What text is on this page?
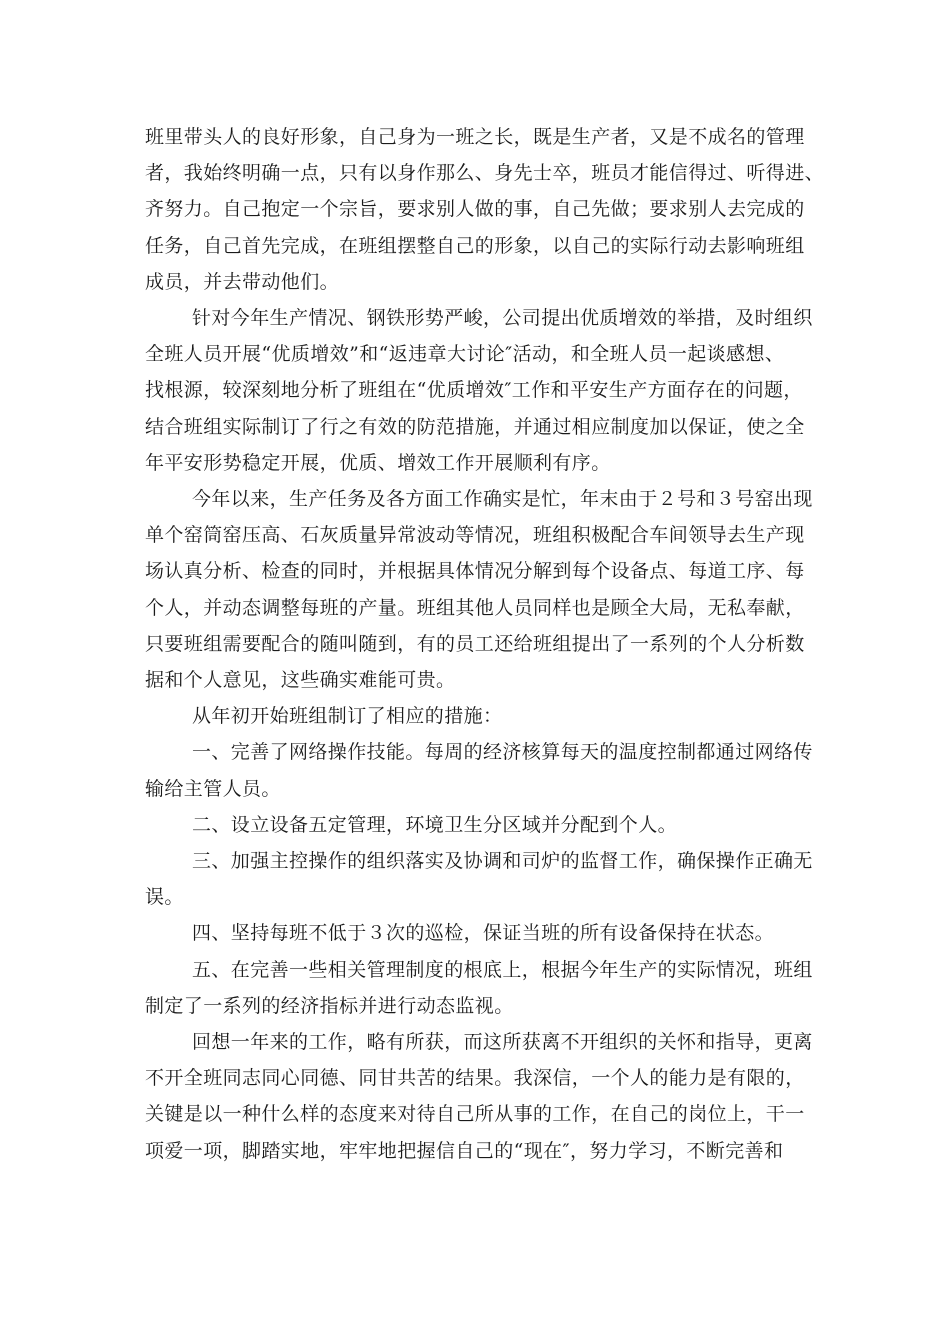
班里带头人的良好形象，自己身为一班之长，既是生产者，又是不成名的管理
者，我始终明确一点，只有以身作那么、身先士卒，班员才能信得过、听得进、
齐努力。自己抱定一个宗旨，要求别人做的事，自己先做；要求别人去完成的
任务，自己首先完成，在班组摆整自己的形象，以自己的实际行动去影响班组
成员，并去带动他们。

针对今年生产情况、钢铁形势严峻，公司提出优质增效的举措，及时组织
全班人员开展“优质增效”和“返违章大讨论″活动，和全班人员一起谈感想、
找根源，较深刻地分析了班组在“优质增效″工作和平安生产方面存在的问题，
结合班组实际制订了行之有效的防范措施，并通过相应制度加以保证，使之全
年平安形势稳定开展，优质、增效工作开展顺利有序。

今年以来，生产任务及各方面工作确实是忙，年末由于２号和３号窑出现
单个窑筒窑压高、石灰质量异常波动等情况，班组积极配合车间领导去生产现
场认真分析、检查的同时，并根据具体情况分解到每个设备点、每道工序、每
个人，并动态调整每班的产量。班组其他人员同样也是顾全大局，无私奉献，
只要班组需要配合的随叫随到，有的员工还给班组提出了一系列的个人分析数
据和个人意见，这些确实难能可贵。

从年初开始班组制订了相应的措施：

一、完善了网络操作技能。每周的经济核算每天的温度控制都通过网络传
输给主管人员。

二、设立设备五定管理，环境卫生分区域并分配到个人。

三、加强主控操作的组织落实及协调和司炉的监督工作，确保操作正确无
误。

四、坚持每班不低于３次的巡检，保证当班的所有设备保持在状态。

五、在完善一些相关管理制度的根底上，根据今年生产的实际情况，班组
制定了一系列的经济指标并进行动态监视。

回想一年来的工作，略有所获，而这所获离不开组织的关怀和指导，更离
不开全班同志同心同德、同甘共苦的结果。我深信，一个人的能力是有限的，
关键是以一种什么样的态度来对待自己所从事的工作，在自己的岗位上，干一
项爱一项，脚踏实地，牢牢地把握信自己的“现在″，努力学习，不断完善和
